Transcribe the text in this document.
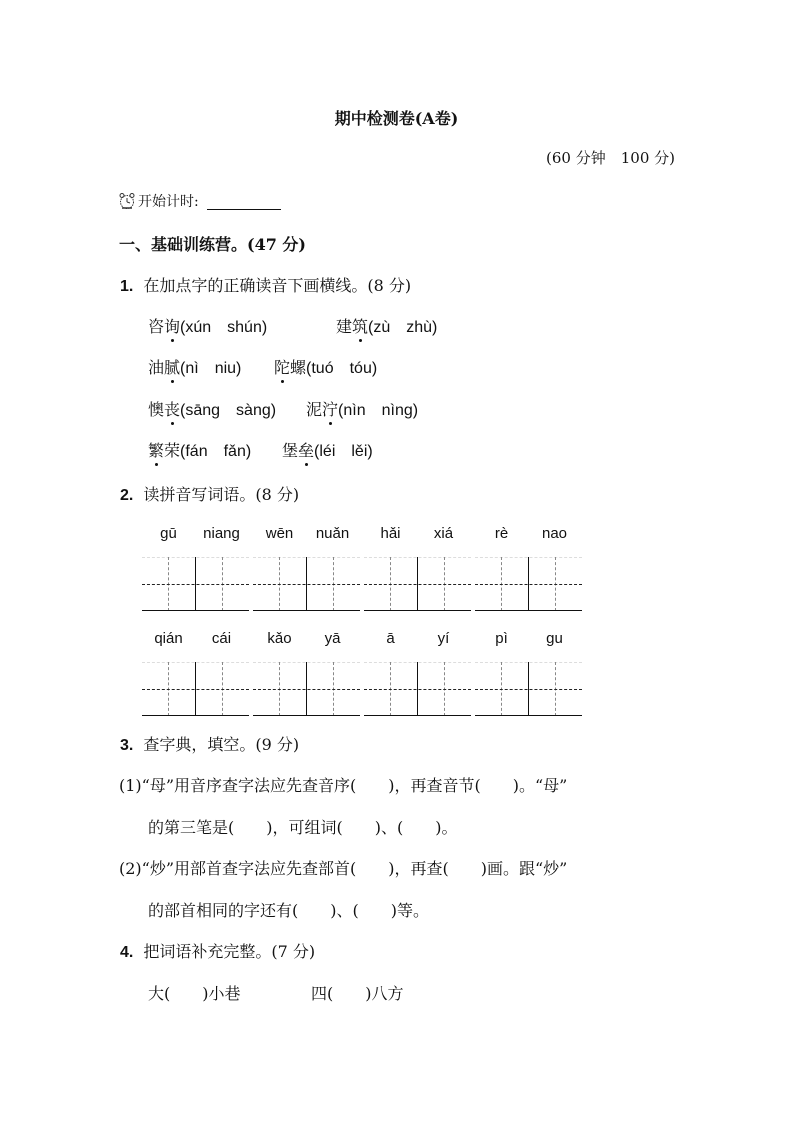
期中检测卷(A卷)
(60 分钟　100 分)
开始计时:
一、基础训练营。(47 分)
1. 在加点字的正确读音下画横线。(8 分)
咨询(xún　shún)	建筑(zù　zhù)
油腻(nì　niu) 陀螺(tuó　tóu)
懊丧(sāng　sàng) 泥泞(nìn　nìng)
繁荣(fán　fǎn) 堡垒(léi　lěi)
2. 读拼音写词语。(8 分)
gū	niang	wēn	nuǎn	hǎi	xiá	rè	nao
qián	cái	kǎo	yā	ā	yí	pì	gu
3. 查字典，填空。(9 分)
(1)“母”用音序查字法应先查音序(　　)，再查音节(　　)。“母”
的第三笔是(　　)，可组词(　　)、(　　)。
(2)“炒”用部首查字法应先查部首(　　)，再查(　　)画。跟“炒”
的部首相同的字还有(　　)、(　　)等。
4. 把词语补充完整。(7 分)
大(　　)小巷	四(　　)八方
